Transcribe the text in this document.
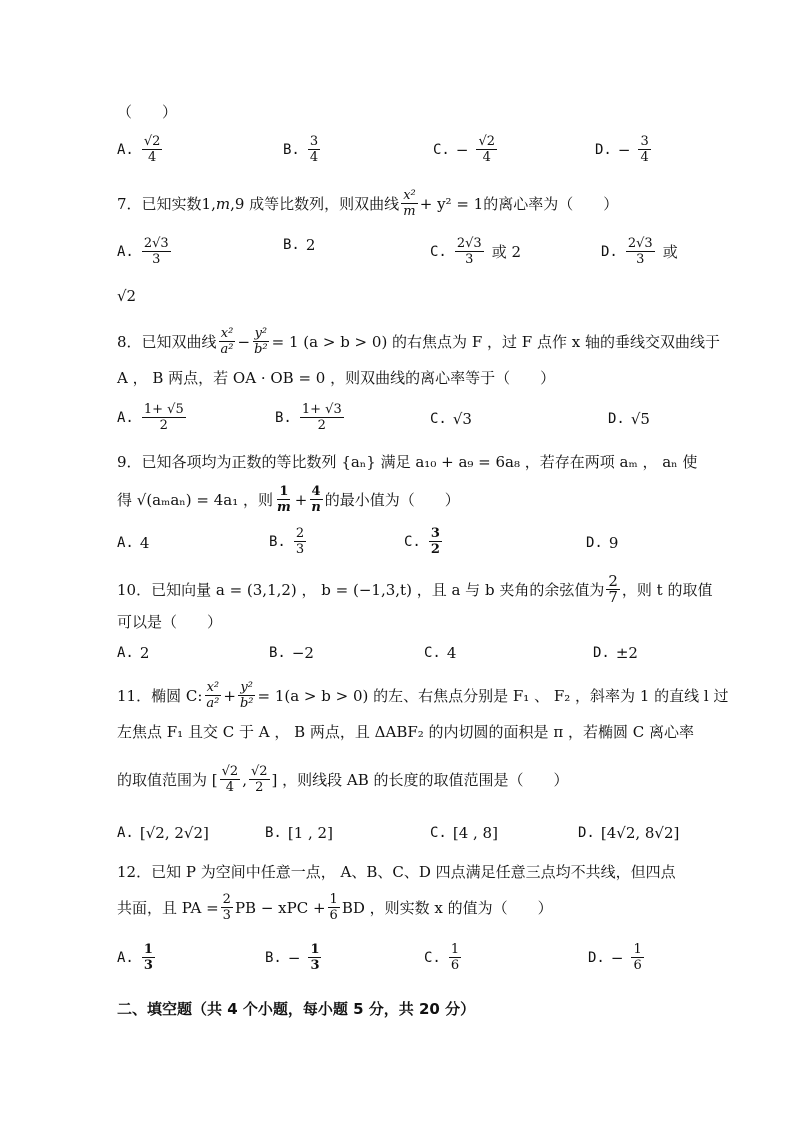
（　　）
A. $\frac{√2}{4}$	B. $\frac{3}{4}$	C. − $\frac{√2}{4}$	D. − $\frac{3}{4}$
7．已知实数1, m ,9 成等比数列，则双曲线 $\frac{\text{x²}}{m} + y^2 = 1$的离心率为（　　）
A. $\frac{2√3}{3}$	B. 2	C. $\frac{2√3}{3}$ 或 2	D. $\frac{2√3}{3}$ 或
√2
8．已知双曲线 $\frac{\text{x²}}{\text{a²}} - \frac{\text{y²}}{\text{b²}} = 1$ (a > b > 0) 的右焦点为 F ，过 F 点作 x 轴的垂线交双曲线于
A ， B 两点，若 OA · OB = 0 ，则双曲线的离心率等于（　　）
A. $\frac{1+ √5}{2}$	B. $\frac{1+ √3}{2}$	C. √3	D. √5
9．已知各项均为正数的等比数列 {aₙ} 满足 a₁₀ + a₉ = 6a₈ ，若存在两项 aₘ ， aₙ 使
得 √(aₘaₙ) = 4a₁ ，则 $\frac{1}{m} + \frac{4}{n}$ 的最小值为（　　）
A. 4	B. $\frac{2}{3}$	C. $\frac{3}{2}$	D. 9
10．已知向量 a = (3,1,2) ， b = (−1,3,t) ，且 a 与 b 夹角的余弦值为 $\frac{2}{7}$ ，则 t 的取值
可以是（　　）
A. 2	B. −2	C. 4	D. ±2
11．椭圆 C: $\frac{\text{x²}}{\text{a²}} + \frac{\text{y²}}{\text{b²}} = 1(a > b > 0)$ 的左、右焦点分别是 F₁ 、 F₂ ，斜率为 1 的直线 l 过
左焦点 F₁ 且交 C 于 A ， B 两点，且 ΔABF₂ 的内切圆的面积是 π ，若椭圆 C 离心率
的取值范围为 [ $\frac{√2}{4}$ , $\frac{√2}{2}$ ] ，则线段 AB 的长度的取值范围是（　　）
A. [√2, 2√2]	B. [1 , 2]	C. [4 , 8]	D. [4√2, 8√2]
12．已知 P 为空间中任意一点， A、B、C、D 四点满足任意三点均不共线，但四点
共面，且 PA = $\frac{2}{3}$ PB − xPC + $\frac{1}{6}$ BD ，则实数 x 的值为（　　）
A. $\frac{1}{3}$	B. − $\frac{1}{3}$	C. $\frac{1}{6}$	D. − $\frac{1}{6}$
二、填空题（共 4 个小题，每小题 5 分，共 20 分）
